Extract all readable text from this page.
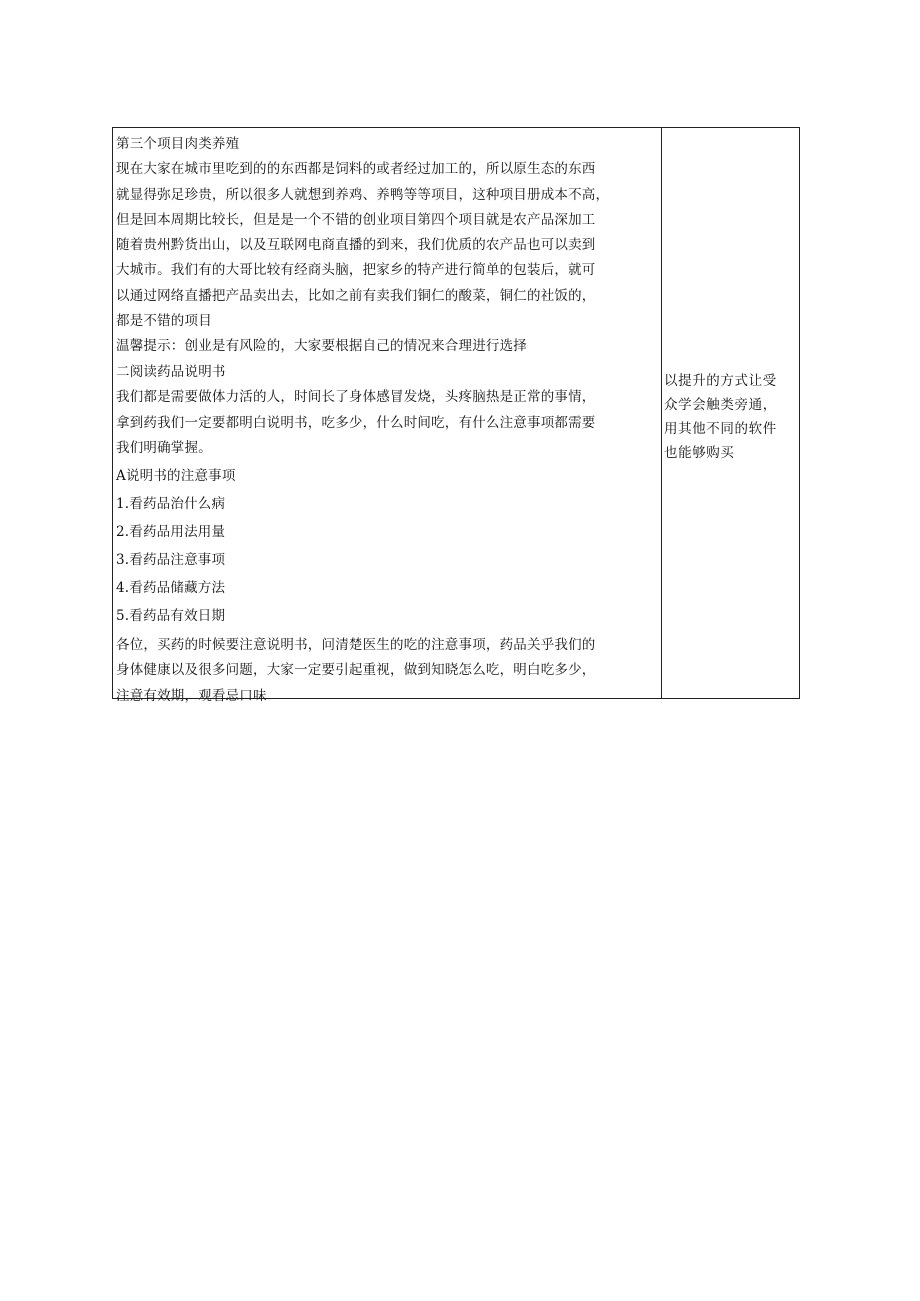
第三个项目肉类养殖
现在大家在城市里吃到的的东西都是饲料的或者经过加工的，所以原生态的东西
就显得弥足珍贵，所以很多人就想到养鸡、养鸭等等项目，这种项目册成本不高，
但是回本周期比较长，但是是一个不错的创业项目第四个项目就是农产品深加工
随着贵州黔货出山，以及互联网电商直播的到来，我们优质的农产品也可以卖到
大城市。我们有的大哥比较有经商头脑，把家乡的特产进行简单的包装后，就可
以通过网络直播把产品卖出去，比如之前有卖我们铜仁的酸菜，铜仁的社饭的，
都是不错的项目
温馨提示：创业是有风险的，大家要根据自己的情况来合理进行选择
二阅读药品说明书
我们都是需要做体力活的人，时间长了身体感冒发烧，头疼脑热是正常的事情，
拿到药我们一定要都明白说明书，吃多少，什么时间吃，有什么注意事项都需要
我们明确掌握。
A说明书的注意事项
1.看药品治什么病
2.看药品用法用量
3.看药品注意事项
4.看药品储藏方法
5.看药品有效日期
各位，买药的时候要注意说明书，问清楚医生的吃的注意事项，药品关乎我们的
身体健康以及很多问题，大家一定要引起重视，做到知晓怎么吃，明白吃多少，
注意有效期，观看忌口味
以提升的方式让受
众学会触类旁通，
用其他不同的软件
也能够购买
